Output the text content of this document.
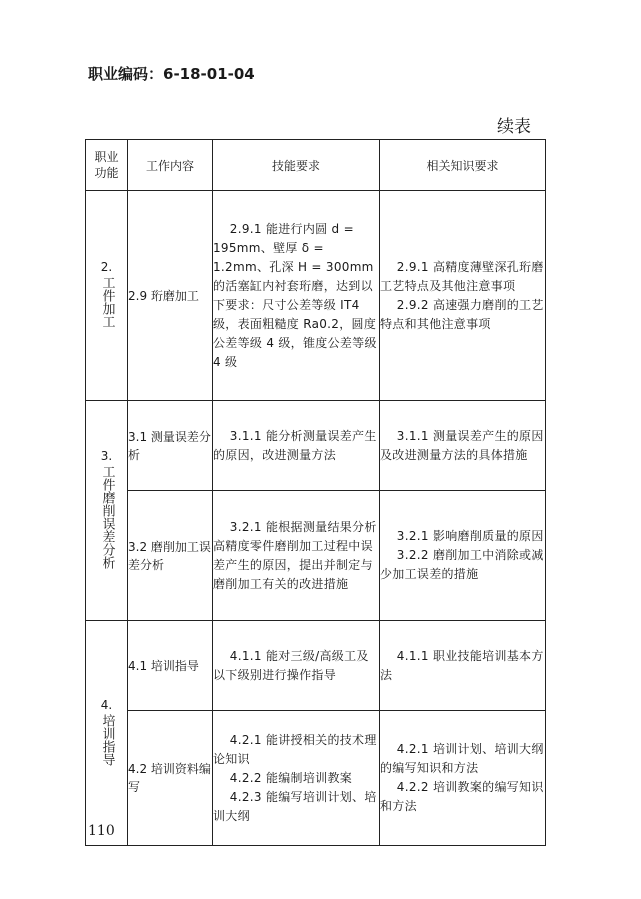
职业编码：6-18-01-04
续表
职业功能	工作内容	技能要求	相关知识要求

2.
工件加工	2.9 珩磨加工	2.9.1 能进行内圆 d = 195mm、壁厚 δ = 1.2mm、孔深 H = 300mm 的活塞缸内衬套珩磨，达到以下要求：尺寸公差等级 IT4 级，表面粗糙度 Ra0.2，圆度公差等级 4 级，锥度公差等级 4 级	2.9.1 高精度薄壁深孔珩磨工艺特点及其他注意事项
2.9.2 高速强力磨削的工艺特点和其他注意事项

3.
工件磨削误差分析	3.1 测量误差分析	3.1.1 能分析测量误差产生的原因，改进测量方法	3.1.1 测量误差产生的原因及改进测量方法的具体措施

	3.2 磨削加工误差分析	3.2.1 能根据测量结果分析高精度零件磨削加工过程中误差产生的原因，提出并制定与磨削加工有关的改进措施	3.2.1 影响磨削质量的原因
3.2.2 磨削加工中消除或减少加工误差的措施

4.
培训指导	4.1 培训指导	4.1.1 能对三级/高级工及以下级别进行操作指导	4.1.1 职业技能培训基本方法

	4.2 培训资料编写	4.2.1 能讲授相关的技术理论知识
4.2.2 能编制培训教案
4.2.3 能编写培训计划、培训大纲	4.2.1 培训计划、培训大纲的编写知识和方法
4.2.2 培训教案的编写知识和方法
110
